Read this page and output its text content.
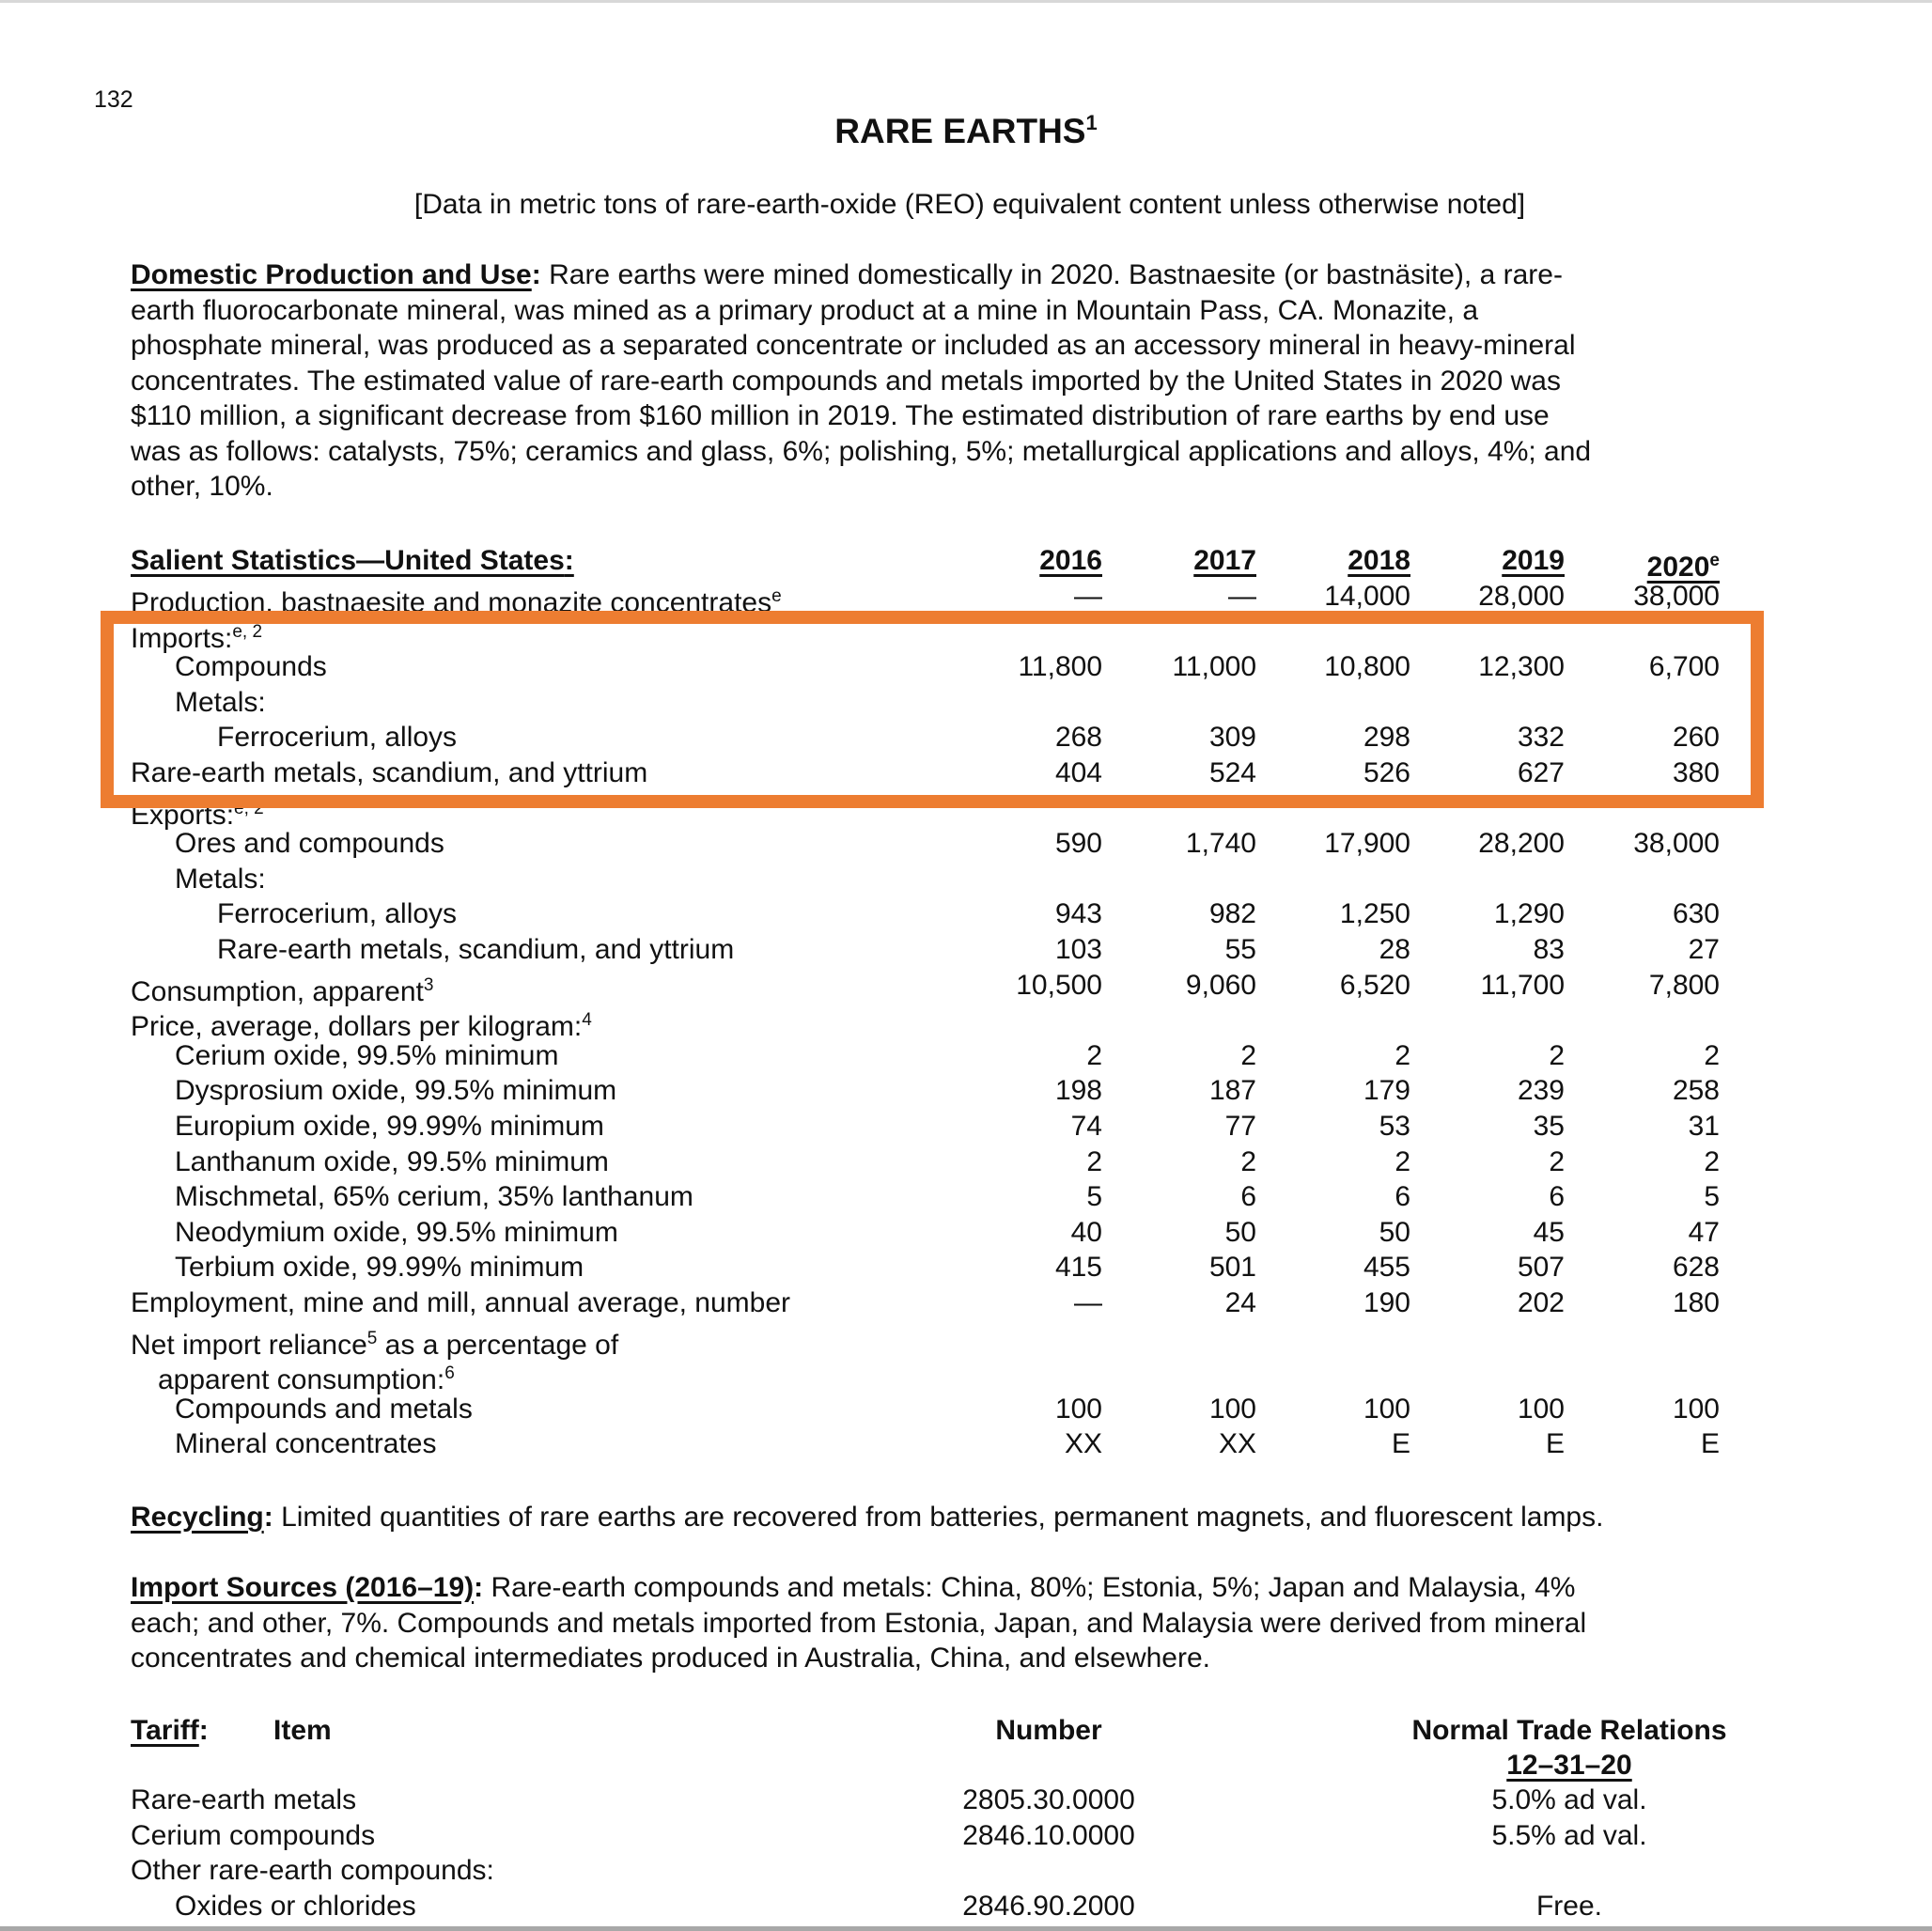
132
RARE EARTHS$^1$
[Data in metric tons of rare-earth-oxide (REO) equivalent content unless otherwise noted]
Domestic Production and Use: Rare earths were mined domestically in 2020. Bastnaesite (or bastnäsite), a rare-
earth fluorocarbonate mineral, was mined as a primary product at a mine in Mountain Pass, CA. Monazite, a
phosphate mineral, was produced as a separated concentrate or included as an accessory mineral in heavy-mineral
concentrates. The estimated value of rare-earth compounds and metals imported by the United States in 2020 was
$110 million, a significant decrease from $160 million in 2019. The estimated distribution of rare earths by end use
was as follows: catalysts, 75%; ceramics and glass, 6%; polishing, 5%; metallurgical applications and alloys, 4%; and
other, 10%.
Salient Statistics—United States:	2016	2017	2018	2019	2020e
Production, bastnaesite and monazite concentrates$^e$	—	—	14,000	28,000	38,000
Imports:$^{e, 2}$
Compounds	11,800	11,000	10,800	12,300	6,700
Metals:
Ferrocerium, alloys	268	309	298	332	260
Rare-earth metals, scandium, and yttrium	404	524	526	627	380
Exports:$^{e, 2}$
Ores and compounds	590	1,740	17,900	28,200	38,000
Metals:
Ferrocerium, alloys	943	982	1,250	1,290	630
Rare-earth metals, scandium, and yttrium	103	55	28	83	27
Consumption, apparent$^3$	10,500	9,060	6,520	11,700	7,800
Price, average, dollars per kilogram:$^4$
Cerium oxide, 99.5% minimum	2	2	2	2	2
Dysprosium oxide, 99.5% minimum	198	187	179	239	258
Europium oxide, 99.99% minimum	74	77	53	35	31
Lanthanum oxide, 99.5% minimum	2	2	2	2	2
Mischmetal, 65% cerium, 35% lanthanum	5	6	6	6	5
Neodymium oxide, 99.5% minimum	40	50	50	45	47
Terbium oxide, 99.99% minimum	415	501	455	507	628
Employment, mine and mill, annual average, number	—	24	190	202	180
Net import reliance$^5$ as a percentage of
apparent consumption:$^6$
Compounds and metals	100	100	100	100	100
Mineral concentrates	XX	XX	E	E	E
Recycling: Limited quantities of rare earths are recovered from batteries, permanent magnets, and fluorescent lamps.
Import Sources (2016–19): Rare-earth compounds and metals: China, 80%; Estonia, 5%; Japan and Malaysia, 4%
each; and other, 7%. Compounds and metals imported from Estonia, Japan, and Malaysia were derived from mineral
concentrates and chemical intermediates produced in Australia, China, and elsewhere.
Tariff: Item	Number	Normal Trade Relations
12–31–20
Rare-earth metals	2805.30.0000	5.0% ad val.
Cerium compounds	2846.10.0000	5.5% ad val.
Other rare-earth compounds:
Oxides or chlorides	2846.90.2000	Free.
